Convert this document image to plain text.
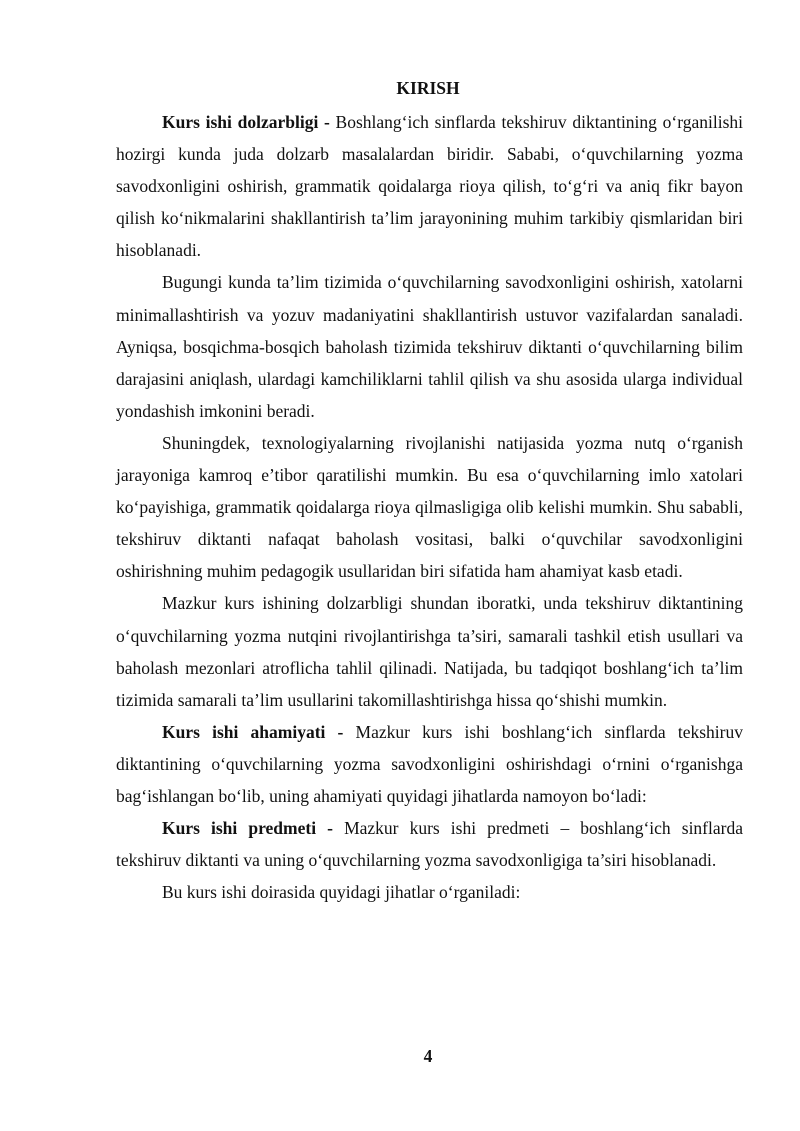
KIRISH

Kurs ishi dolzarbligi - Boshlang‘ich sinflarda tekshiruv diktantining o‘rganilishi hozirgi kunda juda dolzarb masalalardan biridir. Sababi, o‘quvchilarning yozma savodxonligini oshirish, grammatik qoidalarga rioya qilish, to‘g‘ri va aniq fikr bayon qilish ko‘nikmalarini shakllantirish ta’lim jarayonining muhim tarkibiy qismlaridan biri hisoblanadi.

Bugungi kunda ta’lim tizimida o‘quvchilarning savodxonligini oshirish, xatolarni minimallashtirish va yozuv madaniyatini shakllantirish ustuvor vazifalardan sanaladi. Ayniqsa, bosqichma-bosqich baholash tizimida tekshiruv diktanti o‘quvchilarning bilim darajasini aniqlash, ulardagi kamchiliklarni tahlil qilish va shu asosida ularga individual yondashish imkonini beradi.

Shuningdek, texnologiyalarning rivojlanishi natijasida yozma nutq o‘rganish jarayoniga kamroq e’tibor qaratilishi mumkin. Bu esa o‘quvchilarning imlo xatolari ko‘payishiga, grammatik qoidalarga rioya qilmasligiga olib kelishi mumkin. Shu sababli, tekshiruv diktanti nafaqat baholash vositasi, balki o‘quvchilar savodxonligini oshirishning muhim pedagogik usullaridan biri sifatida ham ahamiyat kasb etadi.

Mazkur kurs ishining dolzarbligi shundan iboratki, unda tekshiruv diktantining o‘quvchilarning yozma nutqini rivojlantirishga ta’siri, samarali tashkil etish usullari va baholash mezonlari atroflicha tahlil qilinadi. Natijada, bu tadqiqot boshlang‘ich ta’lim tizimida samarali ta’lim usullarini takomillashtirishga hissa qo‘shishi mumkin.

Kurs ishi ahamiyati - Mazkur kurs ishi boshlang‘ich sinflarda tekshiruv diktantining o‘quvchilarning yozma savodxonligini oshirishdagi o‘rnini o‘rganishga bag‘ishlangan bo‘lib, uning ahamiyati quyidagi jihatlarda namoyon bo‘ladi:

Kurs ishi predmeti - Mazkur kurs ishi predmeti – boshlang‘ich sinflarda tekshiruv diktanti va uning o‘quvchilarning yozma savodxonligiga ta’siri hisoblanadi.

Bu kurs ishi doirasida quyidagi jihatlar o‘rganiladi:

4
